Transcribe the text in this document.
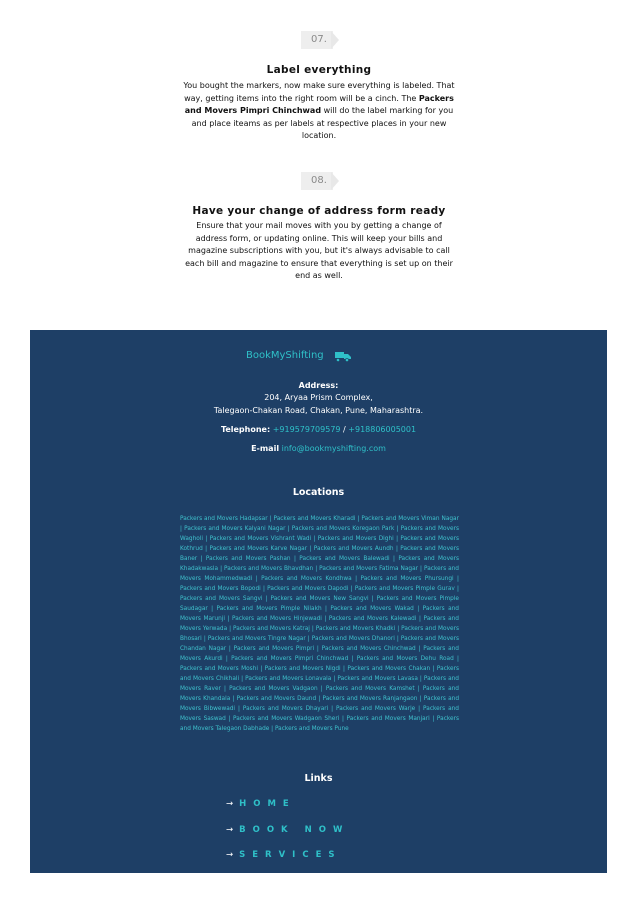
07.
Label everything
You bought the markers, now make sure everything is labeled. That way, getting items into the right room will be a cinch. The Packers and Movers Pimpri Chinchwad will do the label marking for you and place iteams as per labels at respective places in your new location.
08.
Have your change of address form ready
Ensure that your mail moves with you by getting a change of address form, or updating online. This will keep your bills and magazine subscriptions with you, but it's always advisable to call each bill and magazine to ensure that everything is set up on their end as well.
BookMyShifting
Address:
204, Aryaa Prism Complex,
Talegaon-Chakan Road, Chakan, Pune, Maharashtra.
Telephone: +919579709579 / +918806005001
E-mail info@bookmyshifting.com
Locations
Packers and Movers Hadapsar | Packers and Movers Kharadi | Packers and Movers Viman Nagar | Packers and Movers Kalyani Nagar | Packers and Movers Koregaon Park | Packers and Movers Wagholi | Packers and Movers Vishrant Wadi | Packers and Movers Dighi | Packers and Movers Kothrud | Packers and Movers Karve Nagar | Packers and Movers Aundh | Packers and Movers Baner | Packers and Movers Pashan | Packers and Movers Balewadi | Packers and Movers Khadakwasla | Packers and Movers Bhavdhan | Packers and Movers Fatima Nagar | Packers and Movers Mohammedwadi | Packers and Movers Kondhwa | Packers and Movers Phursungi | Packers and Movers Bopodi | Packers and Movers Dapodi | Packers and Movers Pimple Gurav | Packers and Movers Sangvi | Packers and Movers New Sangvi | Packers and Movers Pimple Saudagar | Packers and Movers Pimple Nilakh | Packers and Movers Wakad | Packers and Movers Marunji | Packers and Movers Hinjewadi | Packers and Movers Kalewadi | Packers and Movers Yerwada | Packers and Movers Katraj | Packers and Movers Khadki | Packers and Movers Bhosari | Packers and Movers Tingre Nagar | Packers and Movers Dhanori | Packers and Movers Chandan Nagar | Packers and Movers Pimpri | Packers and Movers Chinchwad | Packers and Movers Akurdi | Packers and Movers Pimpri Chinchwad | Packers and Movers Dehu Road | Packers and Movers Moshi | Packers and Movers Nigdi | Packers and Movers Chakan | Packers and Movers Chikhali | Packers and Movers Lonavala | Packers and Movers Lavasa | Packers and Movers Raver | Packers and Movers Vadgaon | Packers and Movers Kamshet | Packers and Movers Khandala | Packers and Movers Daund | Packers and Movers Ranjangaon | Packers and Movers Bibwewadi | Packers and Movers Dhayari | Packers and Movers Warje | Packers and Movers Saswad | Packers and Movers Wadgaon Sheri | Packers and Movers Manjari | Packers and Movers Talegaon Dabhade | Packers and Movers Pune
Links
→ HOME
→ BOOK NOW
→ SERVICES
